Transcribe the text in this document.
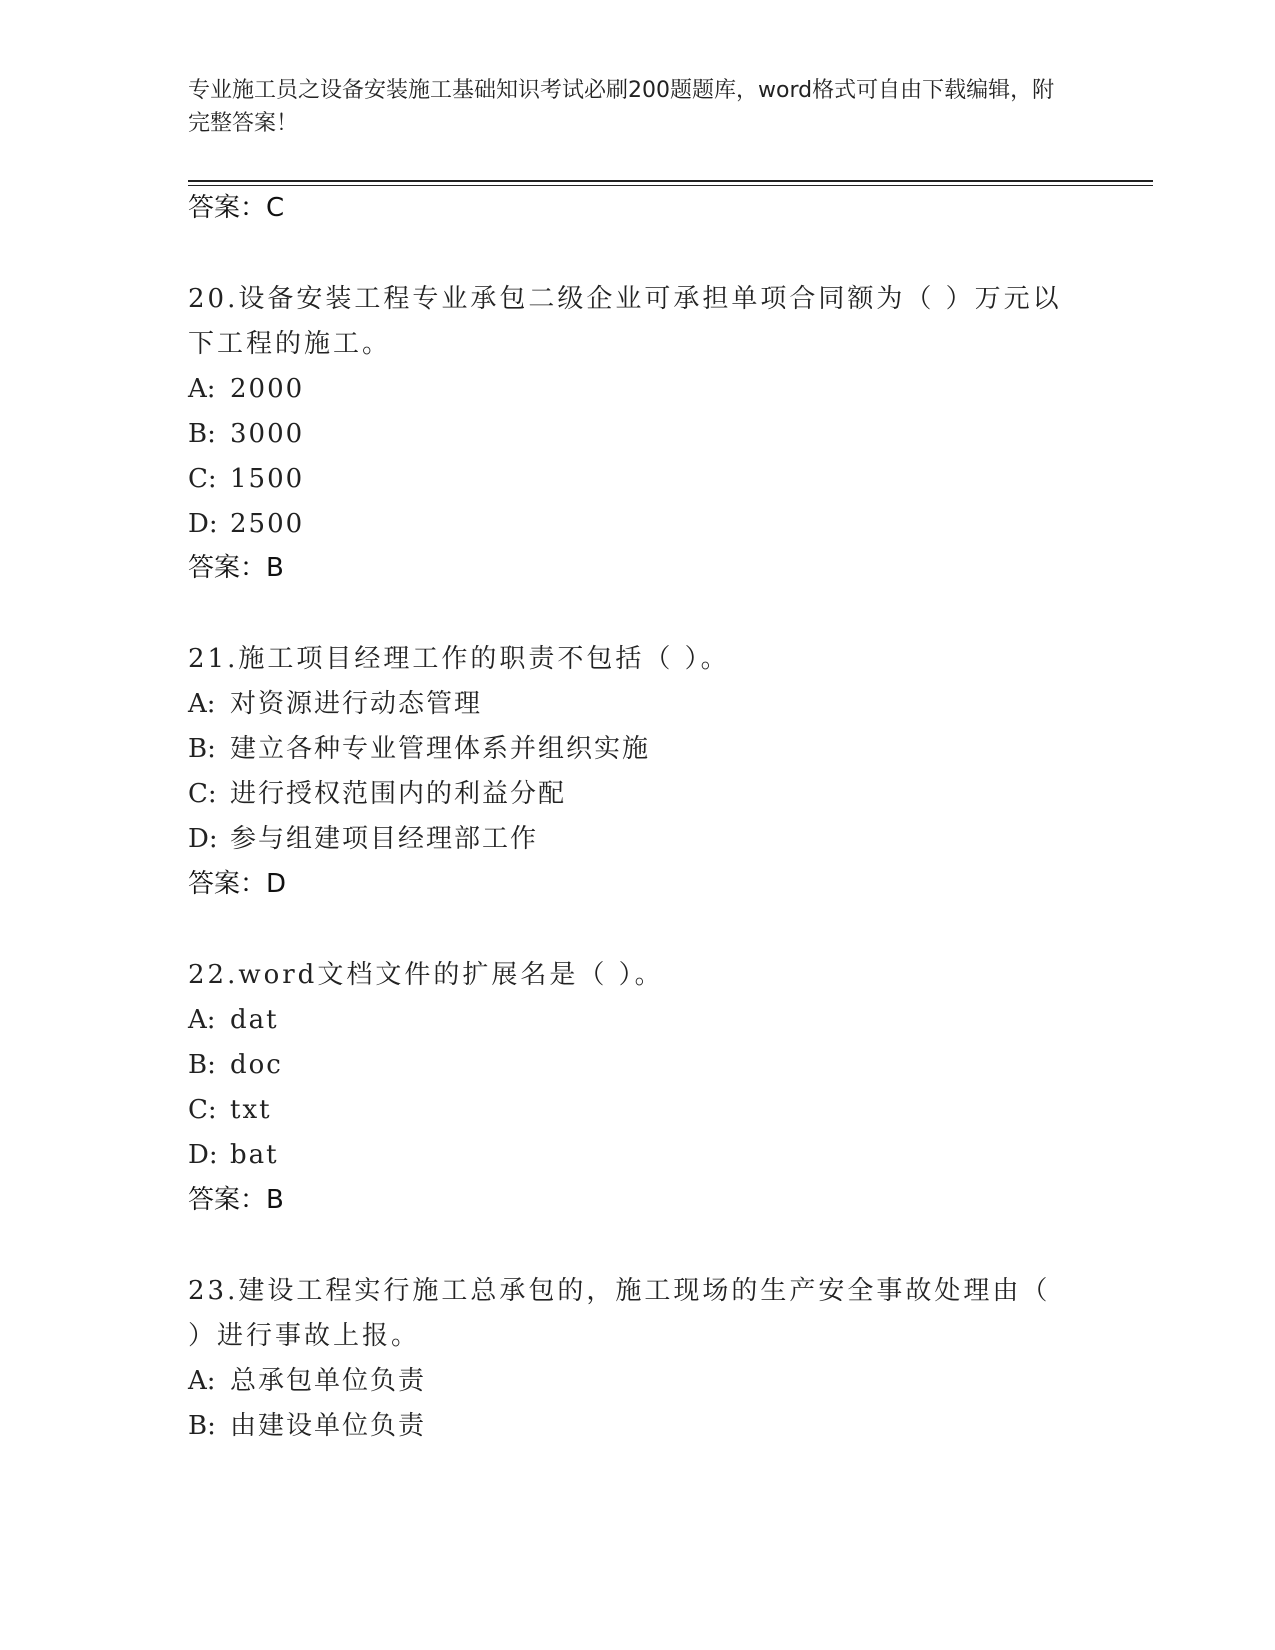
专业施工员之设备安装施工基础知识考试必刷200题题库，word格式可自由下载编辑，附完整答案！
答案：C
20.设备安装工程专业承包二级企业可承担单项合同额为（ ）万元以下工程的施工。
A: 2000
B: 3000
C: 1500
D: 2500
答案：B
21.施工项目经理工作的职责不包括（ ）。
A: 对资源进行动态管理
B: 建立各种专业管理体系并组织实施
C: 进行授权范围内的利益分配
D: 参与组建项目经理部工作
答案：D
22.word文档文件的扩展名是（ ）。
A: dat
B: doc
C: txt
D: bat
答案：B
23.建设工程实行施工总承包的，施工现场的生产安全事故处理由（ ）进行事故上报。
A: 总承包单位负责
B: 由建设单位负责
